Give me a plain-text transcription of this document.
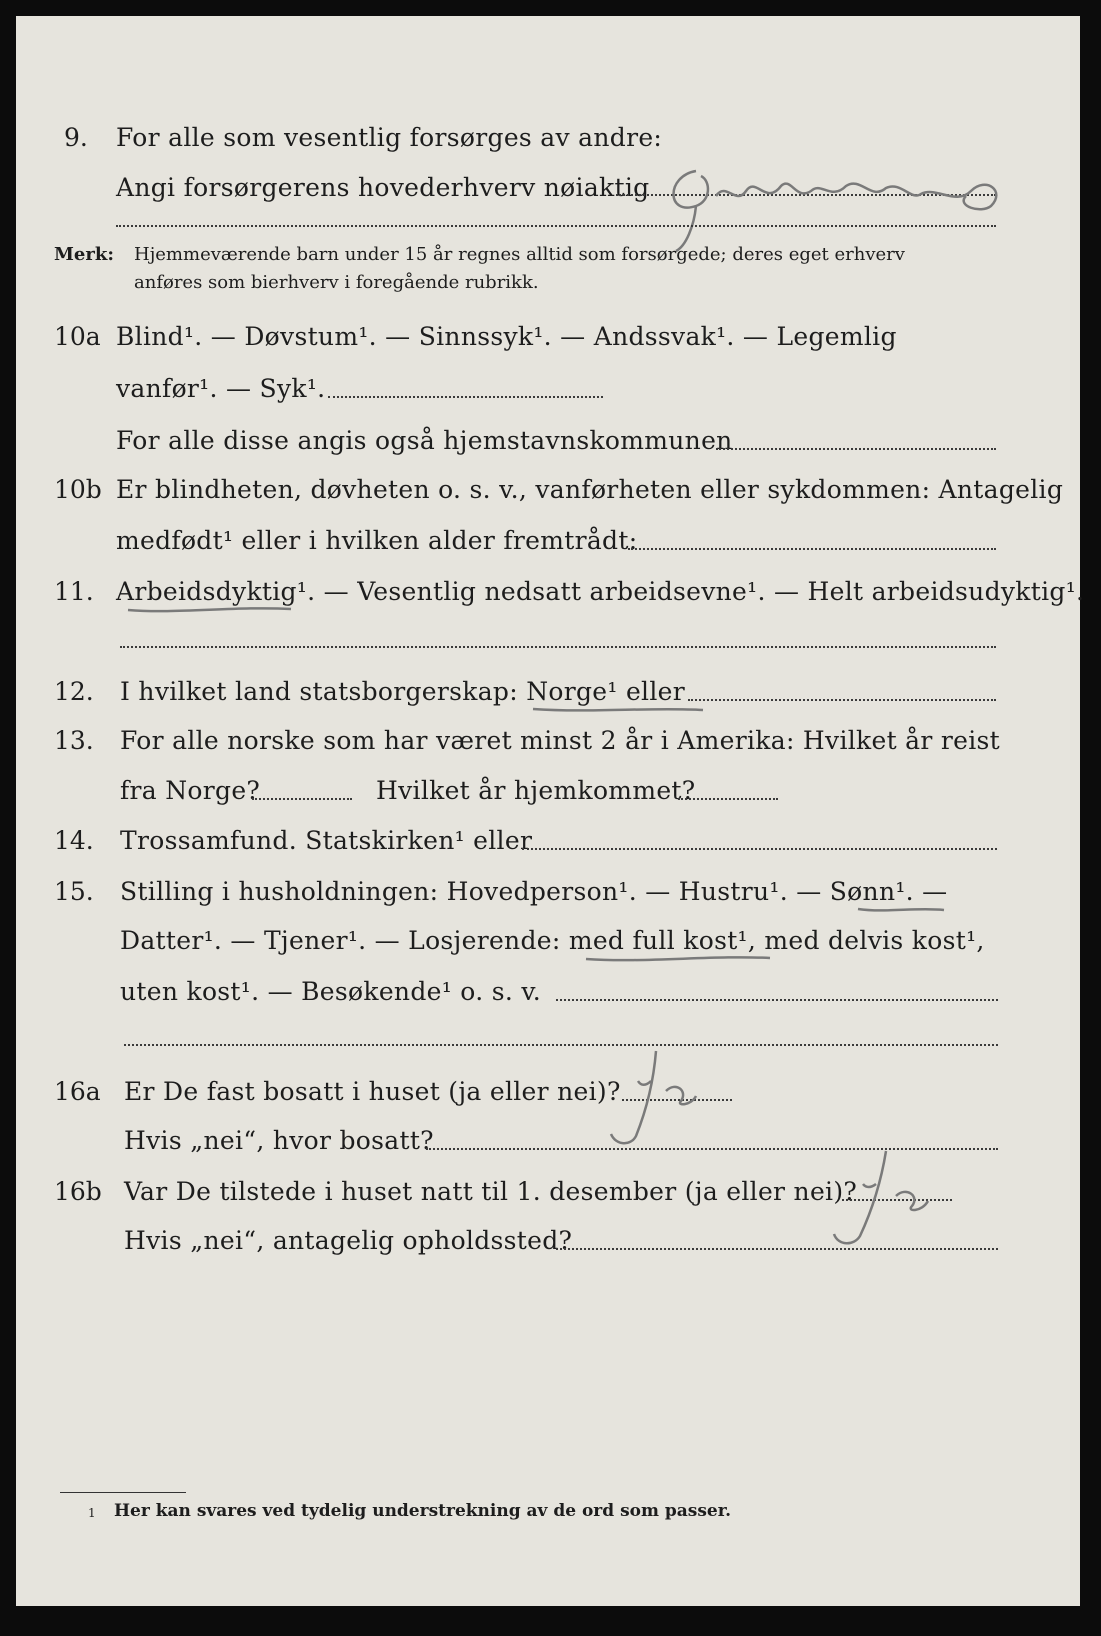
9. For alle som vesentlig forsørges av andre:
Angi forsørgerens hovederhverv nøiaktig
Merk: Hjemmeværende barn under 15 år regnes alltid som forsørgede; deres eget erhverv
anføres som bierhverv i foregående rubrikk.
10a Blind¹. — Døvstum¹. — Sinnssyk¹. — Andssvak¹. — Legemlig
vanfør¹. — Syk¹.
For alle disse angis også hjemstavnskommunen
10b Er blindheten, døvheten o. s. v., vanførheten eller sykdommen: Antagelig
medfødt¹ eller i hvilken alder fremtrådt:
11. Arbeidsdyktig¹. — Vesentlig nedsatt arbeidsevne¹. — Helt arbeidsudyktig¹.
12. I hvilket land statsborgerskap: Norge¹ eller
13. For alle norske som har været minst 2 år i Amerika: Hvilket år reist
fra Norge?	Hvilket år hjemkommet?
14. Trossamfund. Statskirken¹ eller
15. Stilling i husholdningen: Hovedperson¹. — Hustru¹. — Sønn¹. —
Datter¹. — Tjener¹. — Losjerende: med full kost¹, med delvis kost¹,
uten kost¹. — Besøkende¹ o. s. v.
16a Er De fast bosatt i huset (ja eller nei)?
Hvis „nei“, hvor bosatt?
16b Var De tilstede i huset natt til 1. desember (ja eller nei)?
Hvis „nei“, antagelig opholdssted?
1 Her kan svares ved tydelig understrekning av de ord som passer.
